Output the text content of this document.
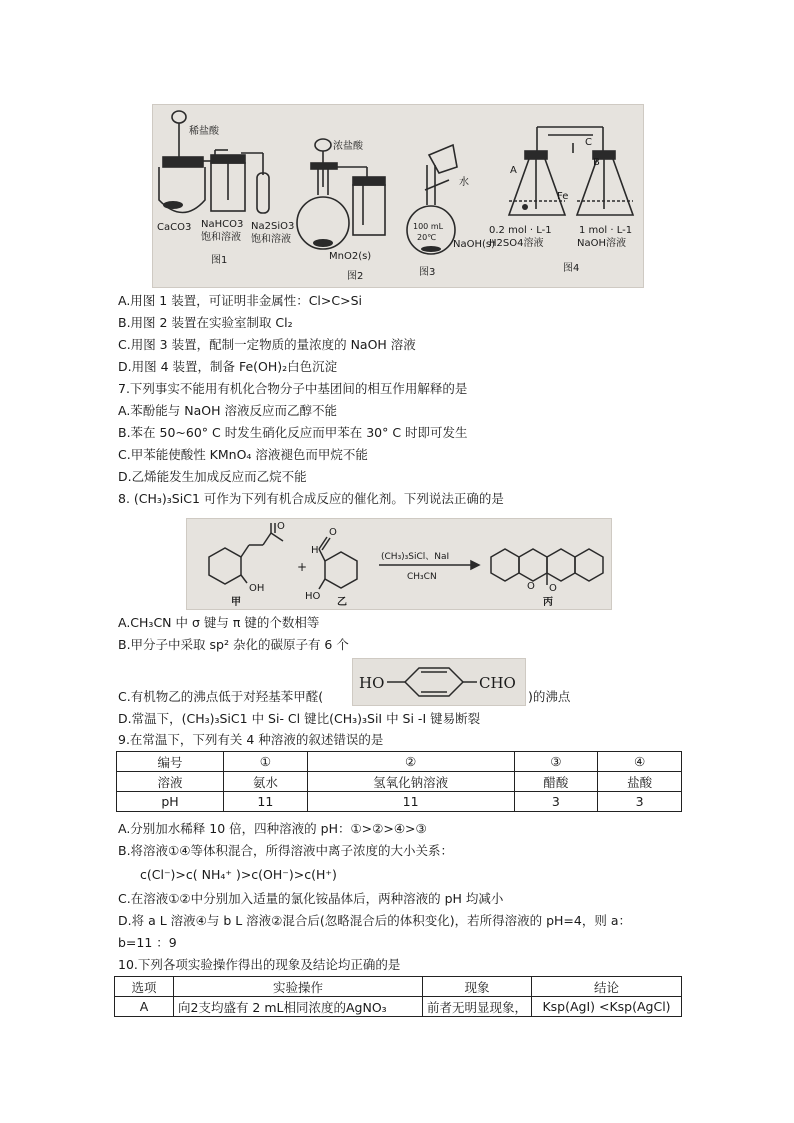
稀盐酸
CaCO3 NaHCO3
饱和溶液
Na2SiO3
饱和溶液
图1
浓盐酸
MnO2(s)
图2
水
100 mL
20℃
NaOH(s)
图3
A
B
C
Fe
0.2 mol · L-1
H2SO4溶液
1 mol · L-1
NaOH溶液
图4
A.用图 1 装置，可证明非金属性：Cl>C>Si
B.用图 2 装置在实验室制取 Cl₂
C.用图 3 装置，配制一定物质的量浓度的 NaOH 溶液
D.用图 4 装置，制备 Fe(OH)₂白色沉淀
7.下列事实不能用有机化合物分子中基团间的相互作用解释的是
A.苯酚能与 NaOH 溶液反应而乙醇不能
B.苯在 50~60° C 时发生硝化反应而甲苯在 30° C 时即可发生
C.甲苯能使酸性 KMnO₄ 溶液褪色而甲烷不能
D.乙烯能发生加成反应而乙烷不能
8. (CH₃)₃SiC1 可作为下列有机合成反应的催化剂。下列说法正确的是
O
OH
甲
+
H
O
HO
乙
(CH₃)₃SiCl、NaI
CH₃CN
O O
丙
A.CH₃CN 中 σ 键与 π 键的个数相等
B.甲分子中采取 sp² 杂化的碳原子有 6 个
HO	CHO
C.有机物乙的沸点低于对羟基苯甲醛(	)的沸点
D.常温下，(CH₃)₃SiC1 中 Si- Cl 键比(CH₃)₃SiI 中 Si -I 键易断裂
9.在常温下，下列有关 4 种溶液的叙述错误的是
编号	①	②	③	④
溶液	氨水	氢氧化钠溶液	醋酸	盐酸
pH	11	11	3	3
A.分别加水稀释 10 倍，四种溶液的 pH：①>②>④>③
B.将溶液①④等体积混合，所得溶液中离子浓度的大小关系：
c(Cl⁻)>c( NH₄⁺ )>c(OH⁻)>c(H⁺)
C.在溶液①②中分别加入适量的氯化铵晶体后，两种溶液的 pH 均减小
D.将 a L 溶液④与 b L 溶液②混合后(忽略混合后的体积变化)，若所得溶液的 pH=4，则 a：
b=11 ：9
10.下列各项实验操作得出的现象及结论均正确的是
选项	实验操作	现象	结论
A	向2支均盛有 2 mL相同浓度的AgNO₃	前者无明显现象，	Ksp(AgI) <Ksp(AgCl)
